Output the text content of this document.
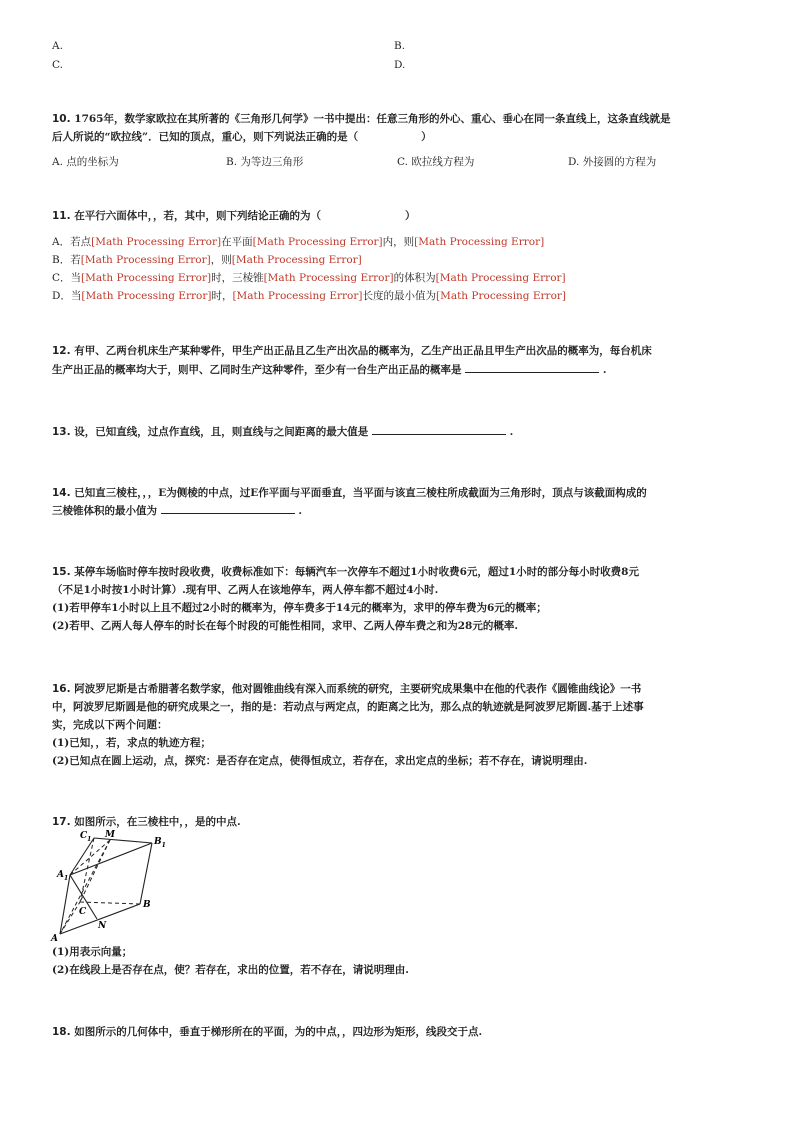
A.	B.
C.	D.
10. 1765年，数学家欧拉在其所著的《三角形几何学》一书中提出：任意三角形的外心、重心、垂心在同一条直线上，这条直线就是
后人所说的“欧拉线”．已知的顶点，重心，则下列说法正确的是（　　　　　　）
A. 点的坐标为	B. 为等边三角形	C. 欧拉线方程为	D. 外接圆的方程为
11. 在平行六面体中，，若，其中，则下列结论正确的为（　　　　　　　　）
A．若点[Math Processing Error]在平面[Math Processing Error]内，则[Math Processing Error]
B．若[Math Processing Error]，则[Math Processing Error]
C．当[Math Processing Error]时，三棱锥[Math Processing Error]的体积为[Math Processing Error]
D．当[Math Processing Error]时，[Math Processing Error]长度的最小值为[Math Processing Error]
12. 有甲、乙两台机床生产某种零件，甲生产出正品且乙生产出次品的概率为，乙生产出正品且甲生产出次品的概率为，每台机床
生产出正品的概率均大于，则甲、乙同时生产这种零件，至少有一台生产出正品的概率是	.
13. 设，已知直线，过点作直线，且，则直线与之间距离的最大值是	.
14. 已知直三棱柱，，，E为侧棱的中点，过E作平面与平面垂直，当平面与该直三棱柱所成截面为三角形时，顶点与该截面构成的
三棱锥体积的最小值为	.
15. 某停车场临时停车按时段收费，收费标准如下：每辆汽车一次停车不超过1小时收费6元，超过1小时的部分每小时收费8元
（不足1小时按1小时计算）.现有甲、乙两人在该地停车，两人停车都不超过4小时.
(1)若甲停车1小时以上且不超过2小时的概率为，停车费多于14元的概率为，求甲的停车费为6元的概率；
(2)若甲、乙两人每人停车的时长在每个时段的可能性相同，求甲、乙两人停车费之和为28元的概率.
16. 阿波罗尼斯是古希腊著名数学家，他对圆锥曲线有深入而系统的研究，主要研究成果集中在他的代表作《圆锥曲线论》一书
中，阿波罗尼斯圆是他的研究成果之一，指的是：若动点与两定点，的距离之比为，那么点的轨迹就是阿波罗尼斯圆.基于上述事
实，完成以下两个问题：
(1)已知，，若，求点的轨迹方程；
(2)已知点在圆上运动，点，探究：是否存在定点，使得恒成立，若存在，求出定点的坐标；若不存在，请说明理由.
17. 如图所示，在三棱柱中，，是的中点.
$C_1$ M
$B_1$
$A_1$
C
B
N
A
(1)用表示向量；
(2)在线段上是否存在点，使？若存在，求出的位置，若不存在，请说明理由.
18. 如图所示的几何体中，垂直于梯形所在的平面，为的中点，，四边形为矩形，线段交于点.
